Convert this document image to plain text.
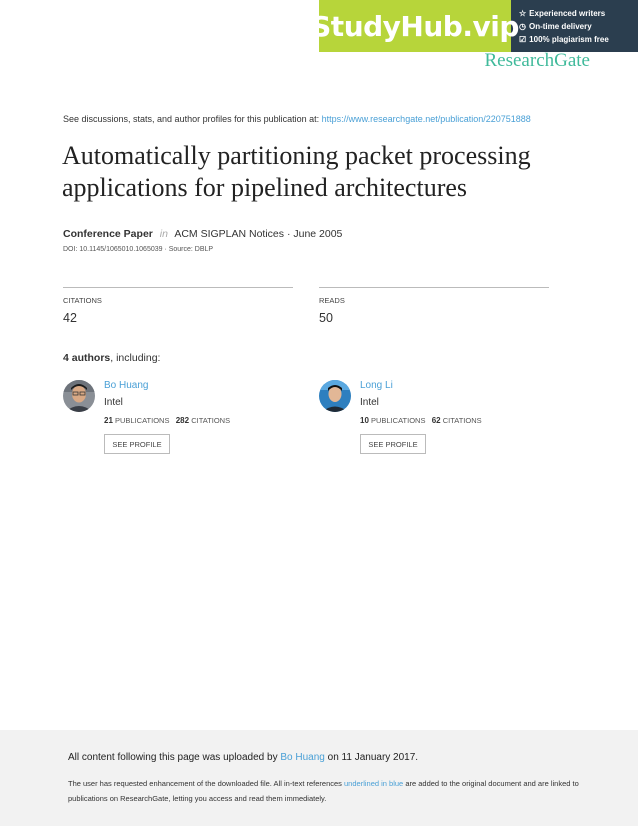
StudyHub.vip ☆ Experienced writers
◷ On-time delivery
☑ 100% plagiarism free
ResearchGate
See discussions, stats, and author profiles for this publication at: https://www.researchgate.net/publication/220751888
Automatically partitioning packet processing applications for pipelined architectures
Conference Paper in ACM SIGPLAN Notices · June 2005
DOI: 10.1145/1065010.1065039 · Source: DBLP
CITATIONS
42
READS
50
4 authors, including:
Bo Huang
Intel
21 PUBLICATIONS 282 CITATIONS
SEE PROFILE
Long Li
Intel
10 PUBLICATIONS 62 CITATIONS
SEE PROFILE
All content following this page was uploaded by Bo Huang on 11 January 2017.
The user has requested enhancement of the downloaded file. All in-text references underlined in blue are added to the original document and are linked to publications on ResearchGate, letting you access and read them immediately.
